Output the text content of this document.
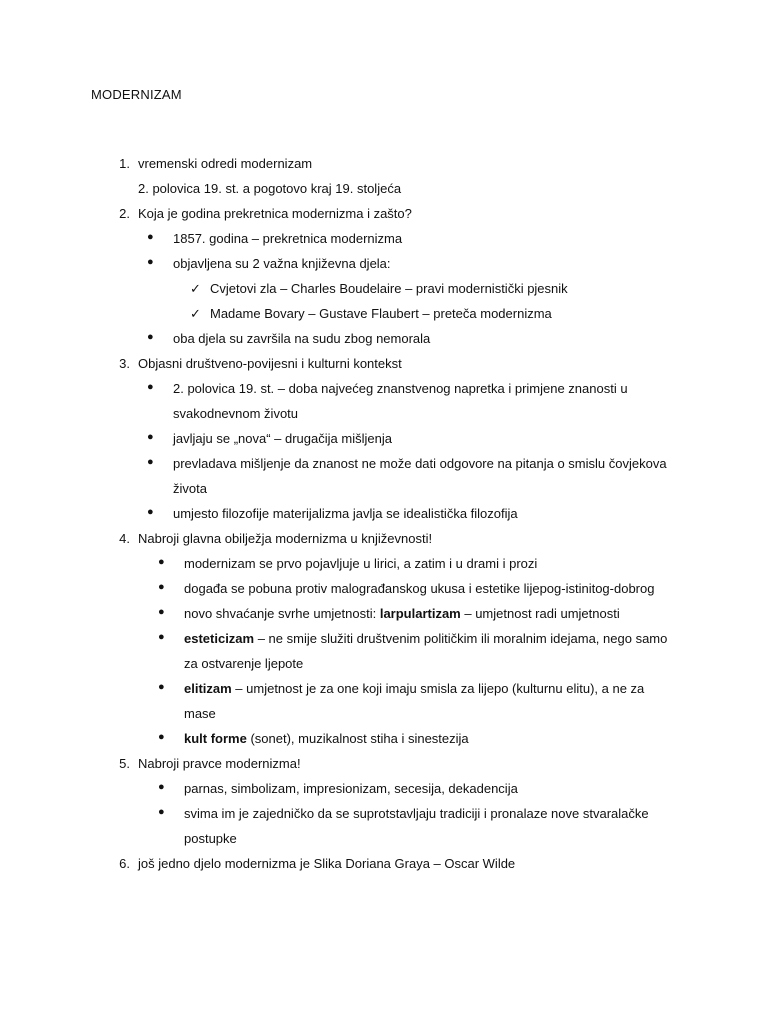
MODERNIZAM
1. vremenski odredi modernizam
2. polovica 19. st. a pogotovo kraj 19. stoljeća
2. Koja je godina prekretnica modernizma i zašto?
● 1857. godina – prekretnica modernizma
● objavljena su 2 važna književna djela:
✓ Cvjetovi zla – Charles Boudelaire – pravi modernistički pjesnik
✓ Madame Bovary – Gustave Flaubert – preteča modernizma
● oba djela su završila na sudu zbog nemorala
3. Objasni društveno-povijesni i kulturni kontekst
● 2. polovica 19. st. – doba najvećeg znanstvenog napretka i primjene znanosti u
svakodnevnom životu
● javljaju se „nova“ – drugačija mišljenja
● prevladava mišljenje da znanost ne može dati odgovore na pitanja o smislu čovjekova
života
● umjesto filozofije materijalizma javlja se idealistička filozofija
4. Nabroji glavna obilježja modernizma u književnosti!
● modernizam se prvo pojavljuje u lirici, a zatim i u drami i prozi
● događa se pobuna protiv malograđanskog ukusa i estetike lijepog-istinitog-dobrog
● novo shvaćanje svrhe umjetnosti: larpulartizam – umjetnost radi umjetnosti
● esteticizam – ne smije služiti društvenim političkim ili moralnim idejama, nego samo
za ostvarenje ljepote
● elitizam – umjetnost je za one koji imaju smisla za lijepo (kulturnu elitu), a ne za
mase
● kult forme (sonet), muzikalnost stiha i sinestezija
5. Nabroji pravce modernizma!
● parnas, simbolizam, impresionizam, secesija, dekadencija
● svima im je zajedničko da se suprotstavljaju tradiciji i pronalaze nove stvaralačke
postupke
6. još jedno djelo modernizma je Slika Doriana Graya – Oscar Wilde
